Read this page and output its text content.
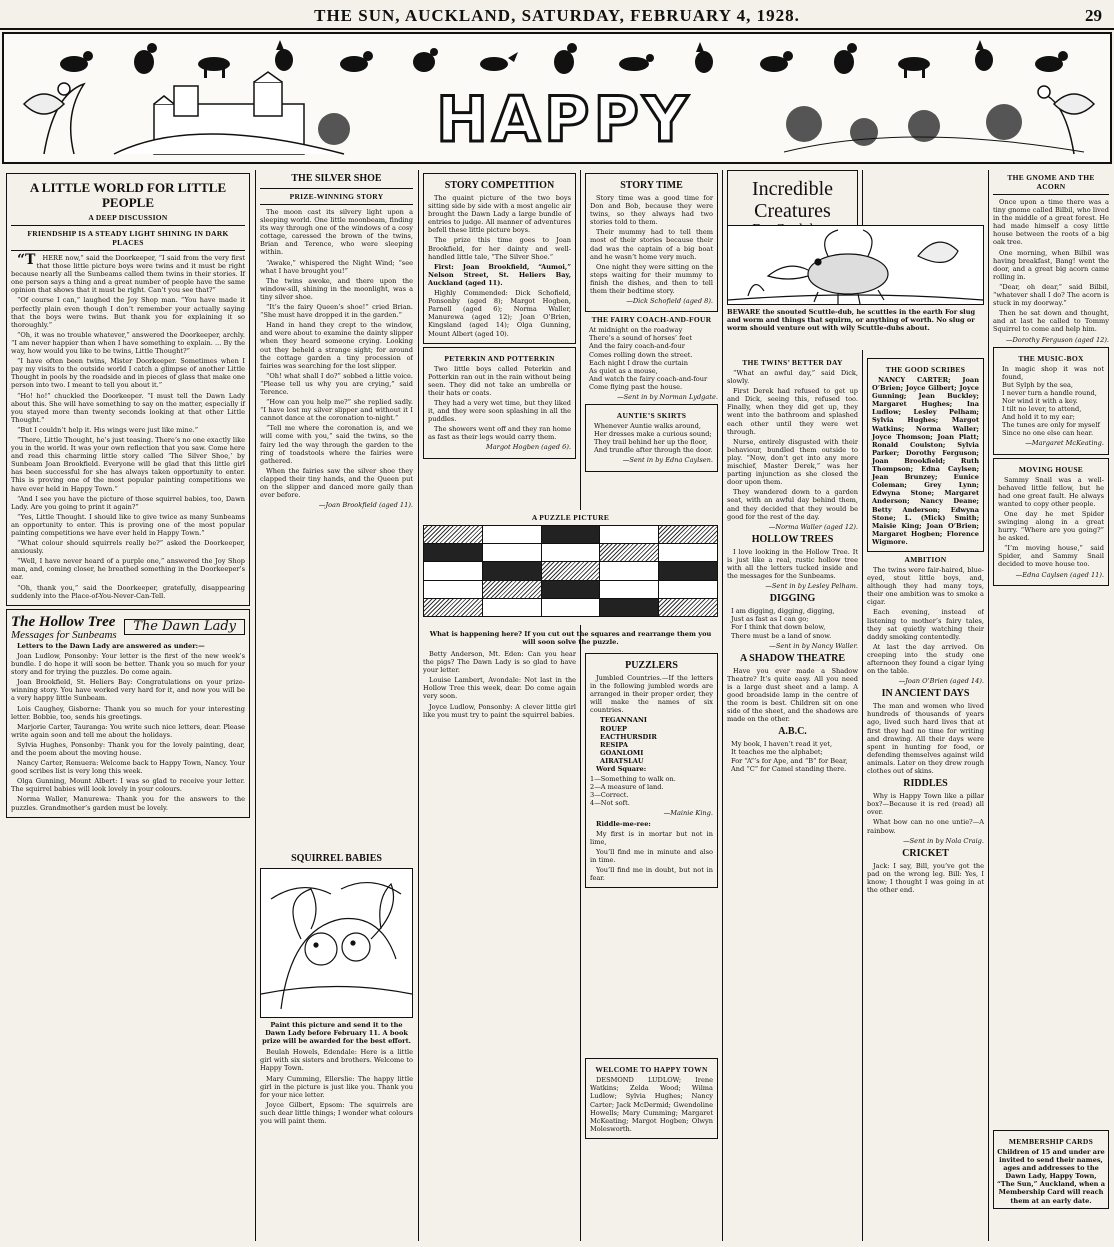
THE SUN, AUCKLAND, SATURDAY, FEBRUARY 4, 1928.	29
HAPPY
A LITTLE WORLD FOR LITTLE PEOPLE
A DEEP DISCUSSION
FRIENDSHIP IS A STEADY LIGHT SHINING IN DARK PLACES

“THERE now,” said the Doorkeeper, “I said from the very first that those little picture boys were twins and it must be right because nearly all the Sunbeams called them twins in their stories. If one person says a thing and a great number of people have the same opinion that shows that it must be right. Can’t you see that?”

“Of course I can,” laughed the Joy Shop man. “You have made it perfectly plain even though I don’t remember your actually saying that the boys were twins. But thank you for explaining it so thoroughly.”

“Oh, it was no trouble whatever,” answered the Doorkeeper, archly. “I am never happier than when I have something to explain. ... By the way, how would you like to be twins, Little Thought?”

“I have often been twins, Mister Doorkeeper. Sometimes when I pay my visits to the outside world I catch a glimpse of another Little Thought in pools by the roadside and in pieces of glass that make one person into two. I meant to tell you about it.”

“Ho! ho!” chuckled the Doorkeeper. “I must tell the Dawn Lady about this. She will have something to say on the matter, especially if you stayed more than twenty seconds looking at that other Little Thought.”

“But I couldn’t help it. Hıs wings were just like mine.”

“There, Little Thought, he’s just teasing. There’s no one exactly like you in the world. It was your own reflection that you saw. Come here and read this charming little story called ‘The Silver Shoe,’ by Sunbeam Joan Brookfield. Everyone will be glad that this little girl has been successful for she has always taken opportunity to enter. This is proving one of the most popular painting competitions we have ever held in Happy Town.”

“And I see you have the picture of those squirrel babies, too, Dawn Lady. Are you going to print it again?”

“Yes, Little Thought. I should like to give twice as many Sunbeams an opportunity to enter. This is proving one of the most popular painting competitions we have ever held in Happy Town.”

“What colour should squirrels really be?” asked the Doorkeeper, anxiously.

“Well, I have never heard of a purple one,” answered the Joy Shop man, and, coming closer, he breathed something in the Doorkeeper’s ear.

“Oh, thank you,” said the Doorkeeper, gratefully, disappearing suddenly into the Place-of-You-Never-Can-Tell.

The Hollow Tree
Messages for Sunbeams
The Dawn Lady

Letters to the Dawn Lady are answered as under:—

Joan Ludlow, Ponsonby: Your letter is the first of the new week’s bundle. I do hope it will soon be better. Thank you so much for your story and for trying the puzzles. Do come again.

Joan Brookfield, St. Heliers Bay: Congratulations on your prize-winning story. You have worked very hard for it, and now you will be a very happy little Sunbeam.

Lois Caughey, Gisborne: Thank you so much for your interesting letter. Bobbie, too, sends his greetings.

Marjorie Carter, Tauranga: You write such nice letters, dear. Please write again soon and tell me about the holidays.

Sylvia Hughes, Ponsonby: Thank you for the lovely painting, dear, and the poem about the moving house.

Nancy Carter, Remuera: Welcome back to Happy Town, Nancy. Your good scribes list is very long this week.

Olga Gunning, Mount Albert: I was so glad to receive your letter. The squirrel babies will look lovely in your colours.

Norma Waller, Manurewa: Thank you for the answers to the puzzles. Grandmother’s garden must be lovely.

THE SILVER SHOE
PRIZE-WINNING STORY

The moon cast its silvery light upon a sleeping world. One little moonbeam, finding its way through one of the windows of a cosy cottage, caressed the brown of the twins, Brian and Terence, who were sleeping within.

“Awake,” whispered the Night Wind; “see what I have brought you!”

The twins awoke, and there upon the window-sill, shining in the moonlight, was a tiny silver shoe.

“It’s the fairy Queen’s shoe!” cried Brian. “She must have dropped it in the garden.”

Hand in hand they crept to the window, and were about to examine the dainty slipper when they heard someone crying. Looking out they beheld a strange sight; for around the cottage garden a tiny procession of fairies was searching for the lost slipper.

“Oh! what shall I do?” sobbed a little voice. “Please tell us why you are crying,” said Terence.

“How can you help me?” she replied sadly. “I have lost my silver slipper and without it I cannot dance at the coronation to-night.”

“Tell me where the coronation is, and we will come with you,” said the twins, so the fairy led the way through the garden to the ring of toadstools where the fairies were gathered.

When the fairies saw the silver shoe they clapped their tiny hands, and the Queen put on the slipper and danced more gaily than ever before.

—Joan Brookfield (aged 11).
SQUIRREL BABIES
Paint this picture and send it to the Dawn Lady before February 11. A book prize will be awarded for the best effort.

Beulah Howels, Edendale: Here is a little girl with six sisters and brothers. Welcome to Happy Town.

Mary Cumming, Ellerslie: The happy little girl in the picture is just like you. Thank you for your nice letter.

Joyce Gilbert, Epsom: The squirrels are such dear little things; I wonder what colours you will paint them.

STORY COMPETITION

The quaint picture of the two boys sitting side by side with a most angelic air brought the Dawn Lady a large bundle of entries to judge. All manner of adventures befell these little picture boys.

The prize this time goes to Joan Brookfield, for her dainty and well-handled little tale, “The Silver Shoe.”

First: Joan Brookfield, “Aumoi,” Nelson Street, St. Heliers Bay, Auckland (aged 11).

Highly Commended: Dick Schofield, Ponsonby (aged 8); Margot Hogben, Parnell (aged 6); Norma Waller, Manurewa (aged 12); Joan O’Brien, Kingsland (aged 14); Olga Gunning, Mount Albert (aged 10).

PETERKIN AND POTTERKIN

Two little boys called Peterkin and Potterkin ran out in the rain without being seen. They did not take an umbrella or their hats or coats.

They had a very wet time, but they liked it, and they were soon splashing in all the puddles.

The showers went off and they ran home as fast as their legs would carry them.

Margot Hogben (aged 6).
A PUZZLE PICTURE
What is happening here? If you cut out the squares and rearrange them you will soon solve the puzzle.

Betty Anderson, Mt. Eden: Can you hear the pigs? The Dawn Lady is so glad to have your letter.

Louise Lambert, Avondale: Not last in the Hollow Tree this week, dear. Do come again very soon.

Joyce Ludlow, Ponsonby: A clever little girl like you must try to paint the squirrel babies.

STORY TIME

Story time was a good time for Don and Bob, because they were twins, so they always had two stories told to them.

Their mummy had to tell them most of their stories because their dad was the captain of a big boat and he wasn’t home very much.

One night they were sitting on the steps waiting for their mummy to finish the dishes, and then to tell them their bedtime story.

—Dick Schofield (aged 8).
THE FAIRY COACH-AND-FOUR

At midnight on the roadway
There’s a sound of horses’ feet
And the fairy coach-and-four
Comes rolling down the street.
Each night I draw the curtain
As quiet as a mouse,
And watch the fairy coach-and-four
Come flying past the house.

—Sent in by Norman Lydgate.
AUNTIE’S SKIRTS

Whenever Auntie walks around,
Her dresses make a curious sound;
They trail behind her up the floor,
And trundle after through the door.

—Sent in by Edna Caylsen.
PUZZLERS

Jumbled Countries.—If the letters in the following jumbled words are arranged in their proper order, they will make the names of six countries.

TEGANNANI
ROUEP
EACTHURSDIR
RESIPA
GOANLOMI
AIRATSLAU

Word Square:

1—Something to walk on.
2—A measure of land.
3—Correct.
4—Not soft.
—Mainie King.

Riddle-me-ree:

My first is in mortar but not in lime,

You’ll find me in minute and also in time.

You’ll find me in doubt, but not in fear.

WELCOME TO HAPPY TOWN

DESMOND LUDLOW; Irene Watkins; Zelda Wood; Wilma Ludlow; Sylvia Hughes; Nancy Carter; Jack McDermid; Gwendoline Howells; Mary Cumming; Margaret McKeating; Margot Hogben; Olwyn Molesworth.

Incredible Creatures
BEWARE the snouted Scuttle-dub, he scuttles in the earth For slug and worm and things that squirm, or anything of worth. No slug or worm should venture out with wily Scuttle-dubs about.
THE TWINS’ BETTER DAY

“What an awful day,” said Dick, slowly.

First Derek had refused to get up and Dick, seeing this, refused too. Finally, when they did get up, they went into the bathroom and splashed each other until they were wet through.

Nurse, entirely disgusted with their behaviour, bundled them outside to play. “Now, don’t get into any more mischief, Master Derek,” was her parting injunction as she closed the door upon them.

They wandered down to a garden seat, with an awful day behind them, and they decided that they would be good for the rest of the day.

—Norma Waller (aged 12).
HOLLOW TREES

I love looking in the Hollow Tree. It is just like a real, rustic hollow tree with all the letters tucked inside and the messages for the Sunbeams.

—Sent in by Lesley Pelham.
DIGGING

I am digging, digging, digging,
Just as fast as I can go;
For I think that down below,
There must be a land of snow.

—Sent in by Nancy Waller.
A SHADOW THEATRE

Have you ever made a Shadow Theatre? It’s quite easy. All you need is a large dust sheet and a lamp. A good broadside lamp in the centre of the room is best. Children sit on one side of the sheet, and the shadows are made on the other.

A.B.C.

My book, I haven’t read it yet,
It teaches me the alphabet;
For “A”’s for Ape, and “B” for Bear,
And “C” for Camel standing there.

THE GOOD SCRIBES

NANCY CARTER; Joan O’Brien; Joyce Gilbert; Joyce Gunning; Jean Buckley; Margaret Hughes; Ina Ludlow; Lesley Pelham; Sylvia Hughes; Margot Watkins; Norma Waller; Joyce Thomson; Joan Platt; Ronald Coulston; Sylvia Parker; Dorothy Ferguson; Joan Brookfield; Ruth Thompson; Edna Caylsen; Jean Brunzey; Eunice Coleman; Grey Lynn; Edwyna Stone; Margaret Anderson; Nancy Deane; Betty Anderson; Edwyna Stone; L. (Mick) Smith; Maisie King; Joan O’Brien; Margaret Hogben; Florence Wigmore.

AMBITION

The twins were fair-haired, blue-eyed, stout little boys, and, although they had many toys, their one ambition was to smoke a cigar.

Each evening, instead of listening to mother’s fairy tales, they sat quietly watching their daddy smoking contentedly.

At last the day arrived. On creeping into the study one afternoon they found a cigar lying on the table.

—Joan O’Brien (aged 14).
IN ANCIENT DAYS

The man and women who lived hundreds of thousands of years ago, lived such hard lives that at first they had no time for writing and drawing. All their days were spent in hunting for food, or defending themselves against wild animals. Later on they drew rough clothes out of skins.

RIDDLES

Why is Happy Town like a pillar box?—Because it is red (read) all over.

What bow can no one untie?—A rainbow.

—Sent in by Nola Craig.
CRICKET

Jack: I say, Bill, you’ve got the pad on the wrong leg. Bill: Yes, I know; I thought I was going in at the other end.

THE GNOME AND THE ACORN

Once upon a time there was a tiny gnome called Bilbil, who lived in the middle of a great forest. He had made himself a cosy little house between the roots of a big oak tree.

One morning, when Bilbil was having breakfast, Bang! went the door, and a great big acorn came rolling in.

“Dear, oh dear,” said Bilbil, “whatever shall I do? The acorn is stuck in my doorway.”

Then he sat down and thought, and at last he called to Tommy Squirrel to come and help him.

—Dorothy Ferguson (aged 12).
THE MUSIC-BOX

In magic shop it was not found,
But Sylph by the sea,
I never turn a handle round,
Nor wind it with a key.
I tilt no lever, to attend,
And hold it to my ear;
The tunes are only for myself
Since no one else can hear.

—Margaret McKeating.
MOVING HOUSE

Sammy Snail was a well-behaved little fellow, but he had one great fault. He always wanted to copy other people.

One day he met Spider swinging along in a great hurry. “Where are you going?” he asked.

“I’m moving house,” said Spider, and Sammy Snail decided to move house too.

—Edna Caylsen (aged 11).
MEMBERSHIP CARDS
Children of 15 and under are invited to send their names, ages and addresses to the Dawn Lady, Happy Town, “The Sun,” Auckland, when a Membership Card will reach them at an early date.
